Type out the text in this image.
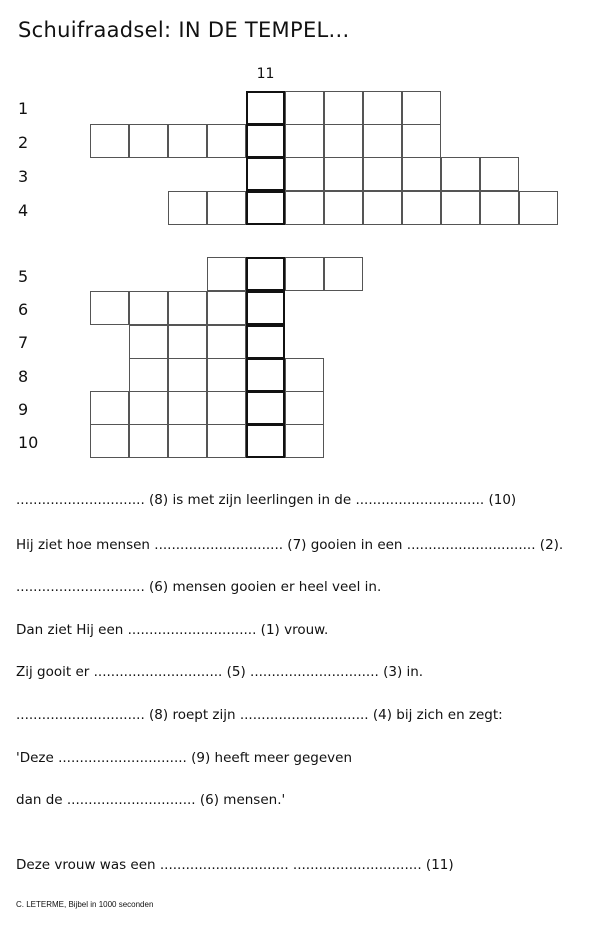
Schuifraadsel: IN DE TEMPEL...
11
1
2
3
4
5
6
7
8
9
10
.............................. (8) is met zijn leerlingen in de .............................. (10)
Hij ziet hoe mensen .............................. (7) gooien in een .............................. (2).
.............................. (6) mensen gooien er heel veel in.
Dan ziet Hij een .............................. (1) vrouw.
Zij gooit er .............................. (5) .............................. (3) in.
.............................. (8) roept zijn .............................. (4) bij zich en zegt:
'Deze .............................. (9) heeft meer gegeven
dan de .............................. (6) mensen.'
Deze vrouw was een .............................. .............................. (11)
C. LETERME, Bijbel in 1000 seconden
